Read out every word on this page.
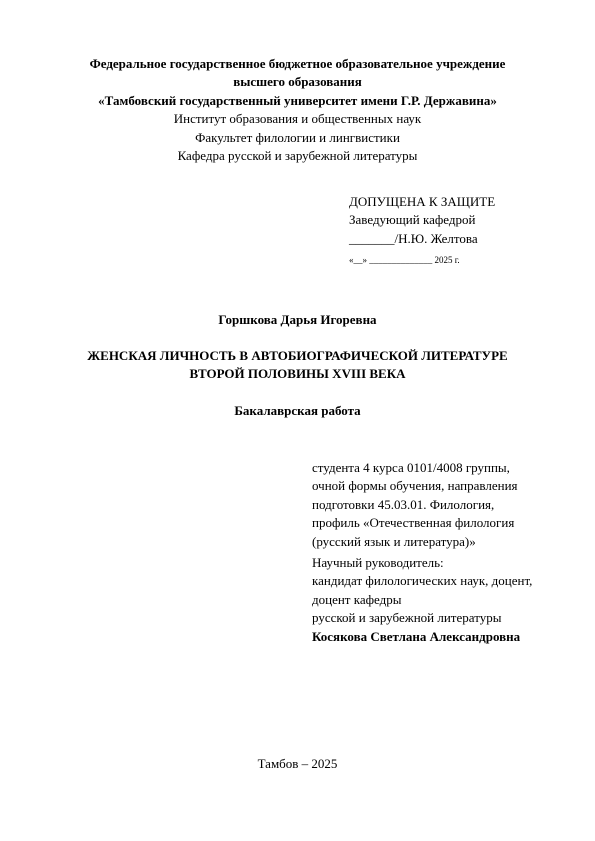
Федеральное государственное бюджетное образовательное учреждение
высшего образования
«Тамбовский государственный университет имени Г.Р. Державина»
Институт образования и общественных наук
Факультет филологии и лингвистики
Кафедра русской и зарубежной литературы
ДОПУЩЕНА К ЗАЩИТЕ
Заведующий кафедрой
_______/Н.Ю. Желтова
«__» ______________ 2025 г.
Горшкова Дарья Игоревна
ЖЕНСКАЯ ЛИЧНОСТЬ В АВТОБИОГРАФИЧЕСКОЙ ЛИТЕРАТУРЕ
ВТОРОЙ ПОЛОВИНЫ XVIII ВЕКА
Бакалаврская работа
студента 4 курса 0101/4008 группы,
очной формы обучения, направления
подготовки 45.03.01. Филология,
профиль «Отечественная филология
(русский язык и литература)»
Научный руководитель:
кандидат филологических наук, доцент,
доцент кафедры
русской и зарубежной литературы
Косякова Светлана Александровна
Тамбов – 2025
